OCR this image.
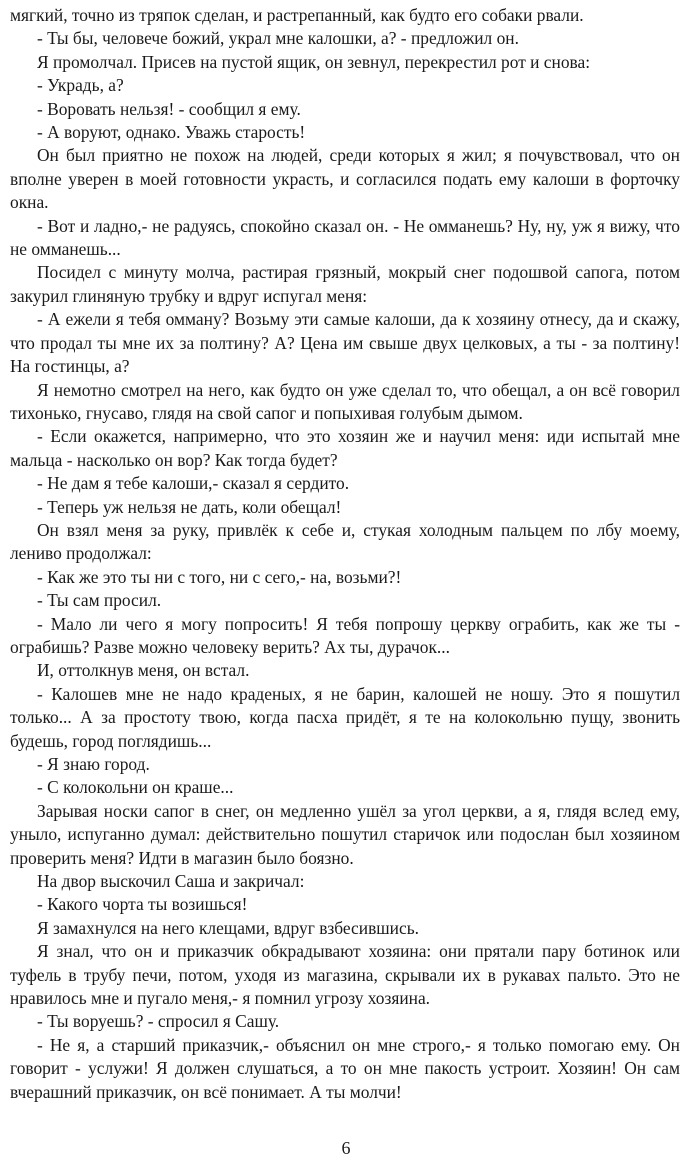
мягкий, точно из тряпок сделан, и растрепанный, как будто его собаки рвали.

- Ты бы, человече божий, украл мне калошки, а? - предложил он.

Я промолчал. Присев на пустой ящик, он зевнул, перекрестил рот и снова:

- Украдь, а?

- Воровать нельзя! - сообщил я ему.

- А воруют, однако. Уважь старость!

Он был приятно не похож на людей, среди которых я жил; я почувствовал, что он вполне уверен в моей готовности украсть, и согласился подать ему калоши в форточку окна.

- Вот и ладно,- не радуясь, спокойно сказал он. - Не омманешь? Ну, ну, уж я вижу, что не омманешь...

Посидел с минуту молча, растирая грязный, мокрый снег подошвой сапога, потом закурил глиняную трубку и вдруг испугал меня:

- А ежели я тебя омману? Возьму эти самые калоши, да к хозяину отнесу, да и скажу, что продал ты мне их за полтину? А? Цена им свыше двух целковых, а ты - за полтину! На гостинцы, а?

Я немотно смотрел на него, как будто он уже сделал то, что обещал, а он всё говорил тихонько, гнусаво, глядя на свой сапог и попыхивая голубым дымом.

- Если окажется, напримерно, что это хозяин же и научил меня: иди испытай мне мальца - насколько он вор? Как тогда будет?

- Не дам я тебе калоши,- сказал я сердито.

- Теперь уж нельзя не дать, коли обещал!

Он взял меня за руку, привлёк к себе и, стукая холодным пальцем по лбу моему, лениво продолжал:

- Как же это ты ни с того, ни с сего,- на, возьми?!

- Ты сам просил.

- Мало ли чего я могу попросить! Я тебя попрошу церкву ограбить, как же ты - ограбишь? Разве можно человеку верить? Ах ты, дурачок...

И, оттолкнув меня, он встал.

- Калошев мне не надо краденых, я не барин, калошей не ношу. Это я пошутил только... А за простоту твою, когда пасха придёт, я те на колокольню пущу, звонить будешь, город поглядишь...

- Я знаю город.

- С колокольни он краше...

Зарывая носки сапог в снег, он медленно ушёл за угол церкви, а я, глядя вслед ему, уныло, испуганно думал: действительно пошутил старичок или подослан был хозяином проверить меня? Идти в магазин было боязно.

На двор выскочил Саша и закричал:

- Какого чорта ты возишься!

Я замахнулся на него клещами, вдруг взбесившись.

Я знал, что он и приказчик обкрадывают хозяина: они прятали пару ботинок или туфель в трубу печи, потом, уходя из магазина, скрывали их в рукавах пальто. Это не нравилось мне и пугало меня,- я помнил угрозу хозяина.

- Ты воруешь? - спросил я Сашу.

- Не я, а старший приказчик,- объяснил он мне строго,- я только помогаю ему. Он говорит - услужи! Я должен слушаться, а то он мне пакость устроит. Хозяин! Он сам вчерашний приказчик, он всё понимает. А ты молчи!

6
